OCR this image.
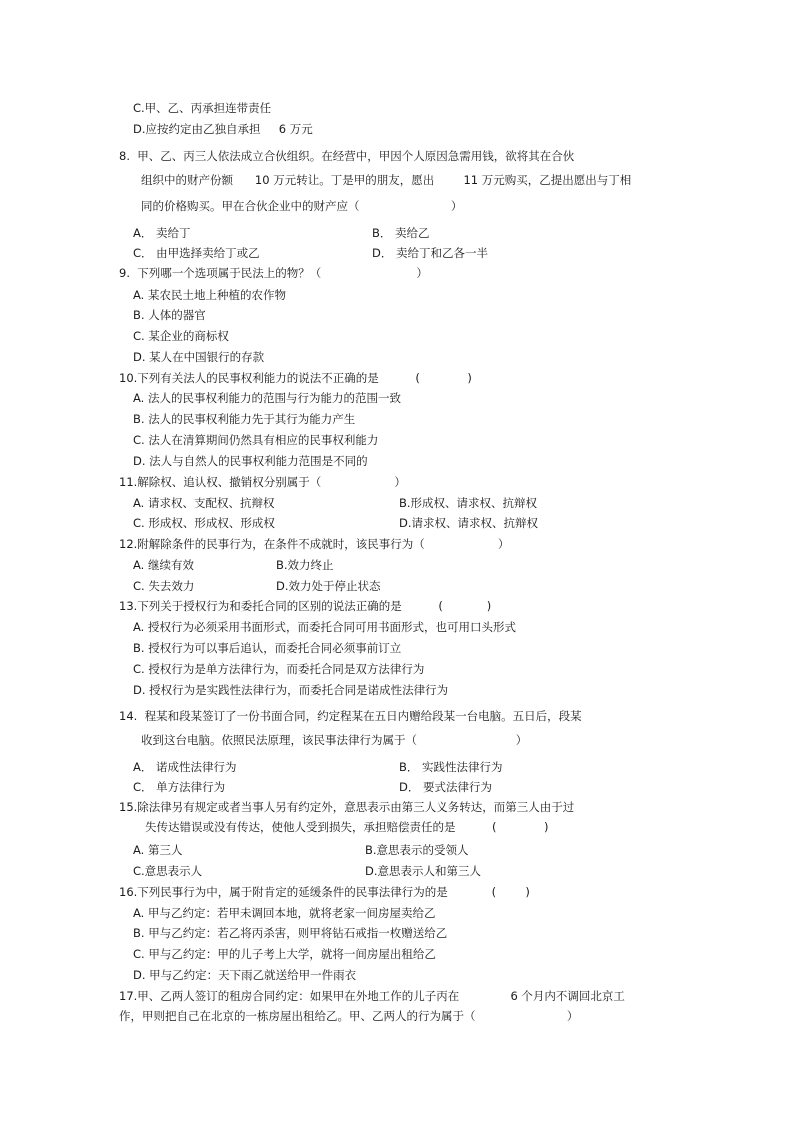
C.甲、乙、丙承担连带责任
D.应按约定由乙独自承担     6 万元
8.  甲、乙、丙三人依法成立合伙组织。在经营中，甲因个人原因急需用钱，欲将其在合伙
组织中的财产份额      10 万元转让。丁是甲的朋友，愿出        11 万元购买，乙提出愿出与丁相
同的价格购买。甲在合伙企业中的财产应（                         ）
A． 卖给丁	B． 卖给乙
C． 由甲选择卖给丁或乙	D． 卖给丁和乙各一半
9.  下列哪一个选项属于民法上的物？（                          ）
A. 某农民土地上种植的农作物
B. 人体的器官
C. 某企业的商标权
D. 某人在中国银行的存款
10.下列有关法人的民事权利能力的说法不正确的是          (             )
A. 法人的民事权利能力的范围与行为能力的范围一致
B. 法人的民事权利能力先于其行为能力产生
C. 法人在清算期间仍然具有相应的民事权利能力
D. 法人与自然人的民事权利能力范围是不同的
11.解除权、追认权、撤销权分别属于（                    ）
A. 请求权、支配权、抗辩权	B.形成权、请求权、抗辩权
C. 形成权、形成权、形成权	D.请求权、请求权、抗辩权
12.附解除条件的民事行为，在条件不成就时，该民事行为（                    ）
A. 继续有效	B.效力终止
C. 失去效力	D.效力处于停止状态
13.下列关于授权行为和委托合同的区别的说法正确的是          (            )
A. 授权行为必须采用书面形式，而委托合同可用书面形式，也可用口头形式
B. 授权行为可以事后追认，而委托合同必须事前订立
C. 授权行为是单方法律行为，而委托合同是双方法律行为
D. 授权行为是实践性法律行为，而委托合同是诺成性法律行为
14.  程某和段某签订了一份书面合同，约定程某在五日内赠给段某一台电脑。五日后，段某
收到这台电脑。依照民法原理，该民事法律行为属于（                           ）
A． 诺成性法律行为	B． 实践性法律行为
C． 单方法律行为	D． 要式法律行为
15.除法律另有规定或者当事人另有约定外，意思表示由第三人义务转达，而第三人由于过
失传达错误或没有传达，使他人受到损失，承担赔偿责任的是          (             )
A. 第三人	B.意思表示的受领人
C.意思表示人	D.意思表示人和第三人
16.下列民事行为中，属于附肯定的延缓条件的民事法律行为的是            (        )
A. 甲与乙约定：若甲未调回本地，就将老家一间房屋卖给乙
B. 甲与乙约定：若乙将丙杀害，则甲将钻石戒指一枚赠送给乙
C. 甲与乙约定：甲的儿子考上大学，就将一间房屋出租给乙
D. 甲与乙约定：天下雨乙就送给甲一件雨衣
17.甲、乙两人签订的租房合同约定：如果甲在外地工作的儿子丙在              6 个月内不调回北京工
作，甲则把自己在北京的一栋房屋出租给乙。甲、乙两人的行为属于（                         ）
